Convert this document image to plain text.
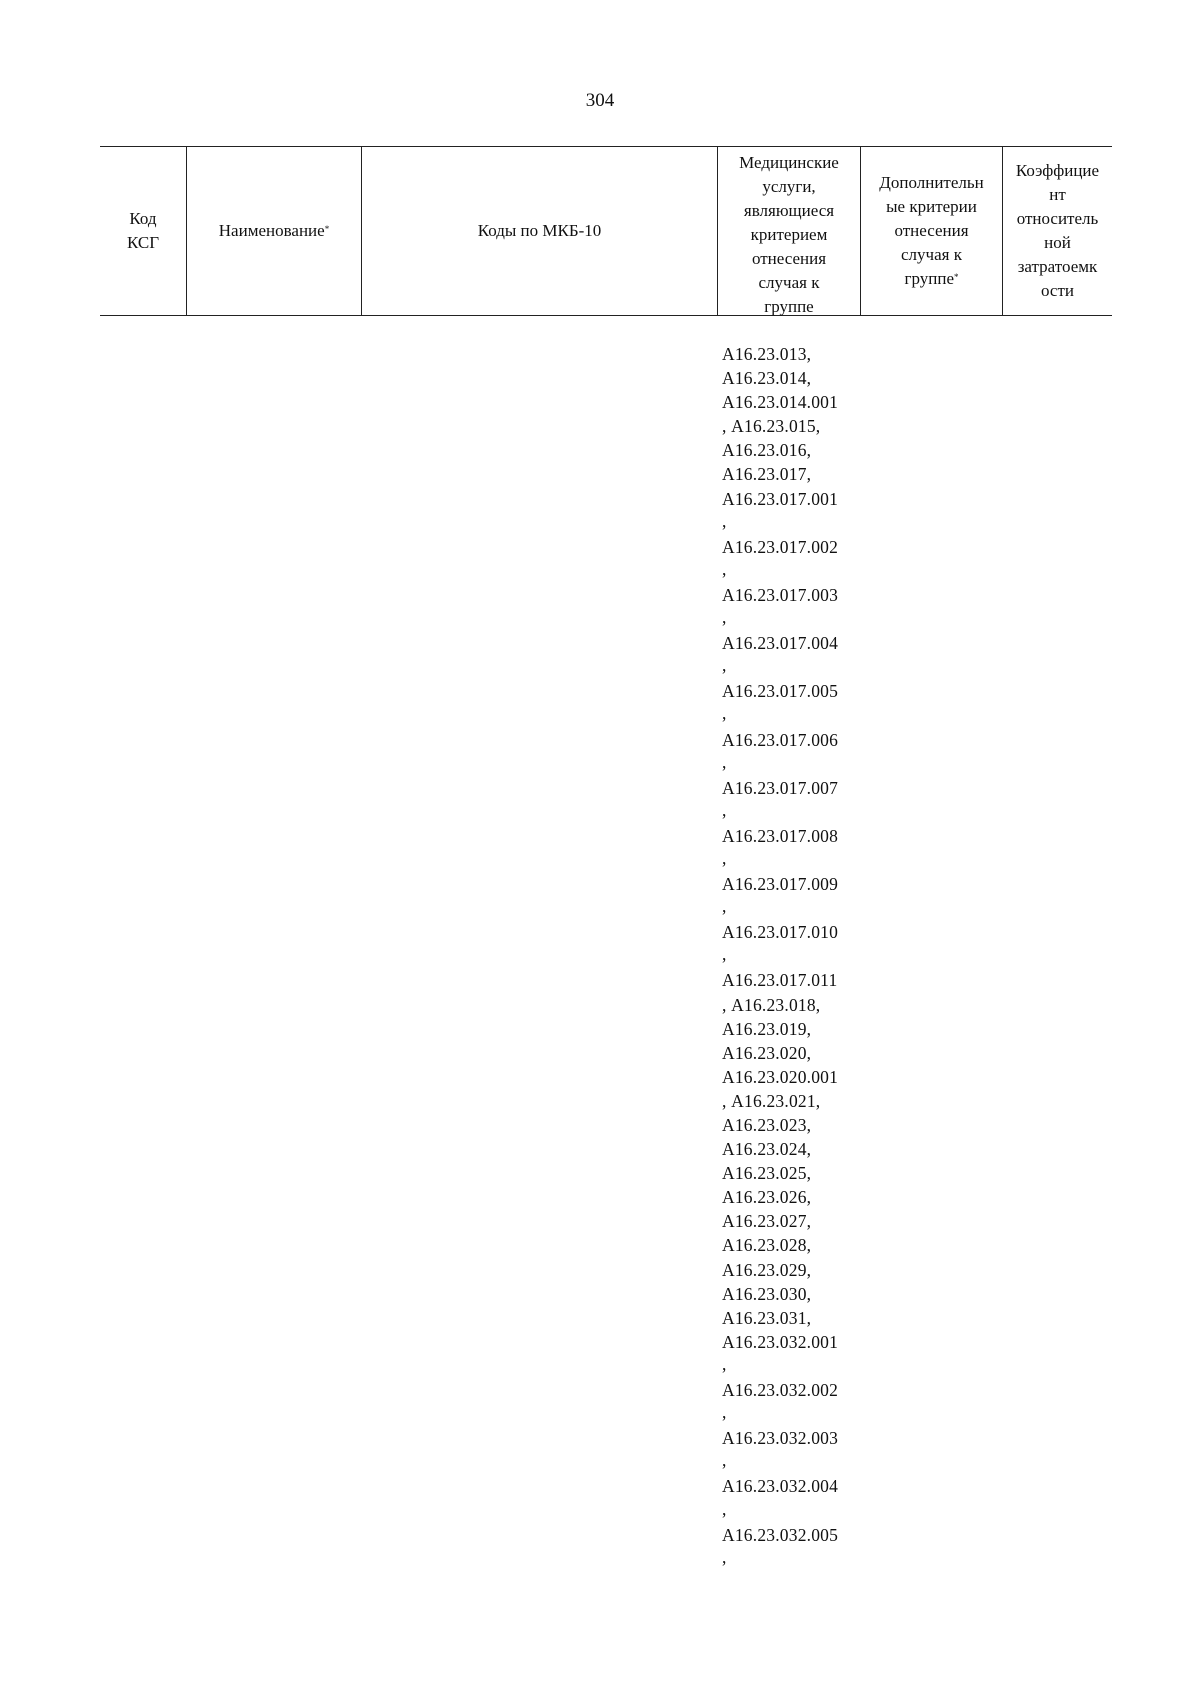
304
Код
КСГ
Наименование*	Коды по МКБ-10
Медицинские
услуги,
являющиеся
критерием
отнесения
случая к
группе
Дополнительн
ые критерии
отнесения
случая к
группе*
Коэффицие
нт
относитель
ной
затратоемк
ости
А16.23.013,
А16.23.014,
А16.23.014.001
, А16.23.015,
А16.23.016,
А16.23.017,
А16.23.017.001
,
А16.23.017.002
,
А16.23.017.003
,
А16.23.017.004
,
А16.23.017.005
,
А16.23.017.006
,
А16.23.017.007
,
А16.23.017.008
,
А16.23.017.009
,
А16.23.017.010
,
А16.23.017.011
, А16.23.018,
А16.23.019,
А16.23.020,
А16.23.020.001
, А16.23.021,
А16.23.023,
А16.23.024,
А16.23.025,
А16.23.026,
А16.23.027,
А16.23.028,
А16.23.029,
А16.23.030,
А16.23.031,
А16.23.032.001
,
А16.23.032.002
,
А16.23.032.003
,
А16.23.032.004
,
А16.23.032.005
,
